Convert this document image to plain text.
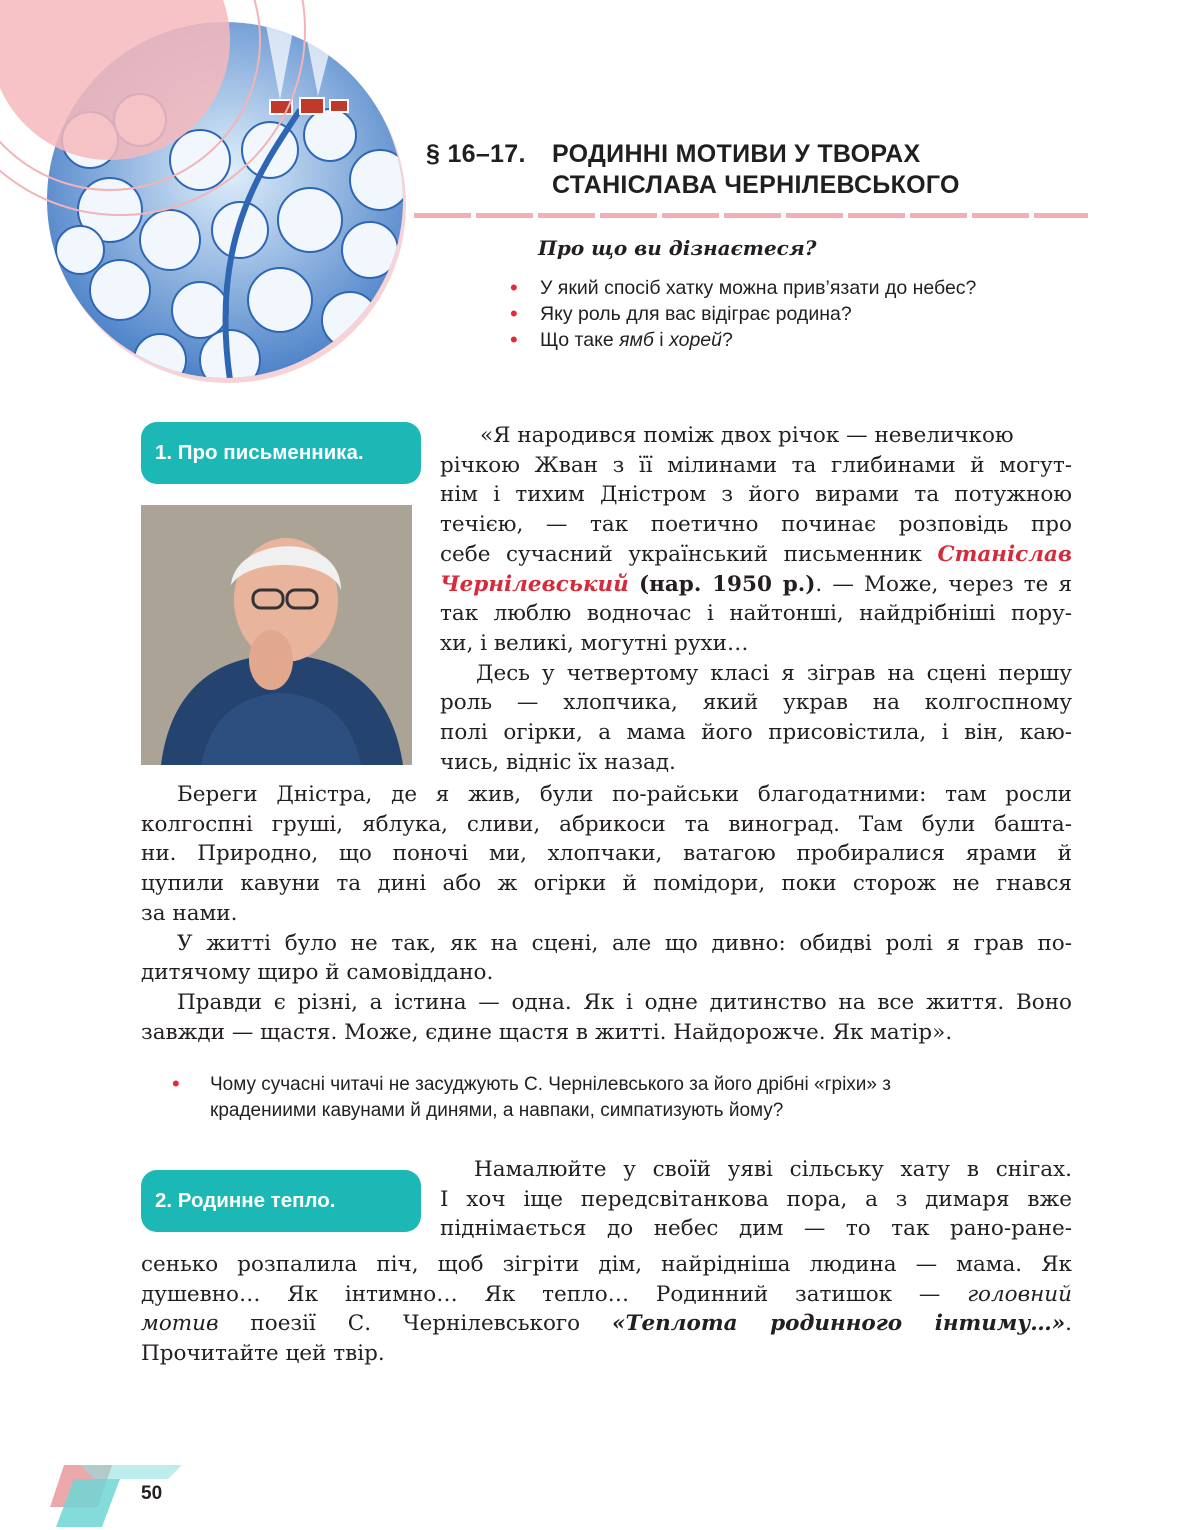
§ 16–17. РОДИННІ МОТИВИ У ТВОРАХ
СТАНІСЛАВА ЧЕРНІЛЕВСЬКОГО
Про що ви дізнаєтеся?
• У який спосіб хатку можна прив’язати до небес?
• Яку роль для вас відіграє родина?
• Що таке ямб і хорей?
1. Про письменника.

«Я народився поміж двох річок — невеличкою

річкою Жван з її мілинами та глибинами й могут-

нім і тихим Дністром з його вирами та потужною

течією, — так поетично починає розповідь про

себе сучасний український письменник Станіслав

Чернілевський (нар. 1950 р.). — Може, через те я

так люблю водночас і найтонші, найдрібніші пору-

хи, і великі, могутні рухи…

Десь у четвертому класі я зіграв на сцені першу

роль — хлопчика, який украв на колгоспному

полі огірки, а мама його присовістила, і він, каю-

чись, відніс їх назад.

Береги Дністра, де я жив, були по-райськи благодатними: там росли

колгоспні груші, яблука, сливи, абрикоси та виноград. Там були башта-

ни. Природно, що поночі ми, хлопчаки, ватагою пробиралися ярами й

цупили кавуни та дині або ж огірки й помідори, поки сторож не гнався

за нами.

У житті було не так, як на сцені, але що дивно: обидві ролі я грав по-

дитячому щиро й самовіддано.

Правди є різні, а істина — одна. Як і одне дитинство на все життя. Воно

завжди — щастя. Може, єдине щастя в житті. Найдорожче. Як матір».

• Чому сучасні читачі не засуджують С. Чернілевського за його дрібні «гріхи» з
крадениими кавунами й динями, а навпаки, симпатизують йому?
2. Родинне тепло.

Намалюйте у своїй уяві сільську хату в снігах.

І хоч іще передсвітанкова пора, а з димаря вже

піднімається до небес дим — то так рано-ране-

сенько розпалила піч, щоб зігріти дім, найрідніша людина — мама. Як

душевно… Як інтимно… Як тепло… Родинний затишок — головний

мотив поезії С. Чернілевського «Теплота родинного інтиму…».

Прочитайте цей твір.

50
